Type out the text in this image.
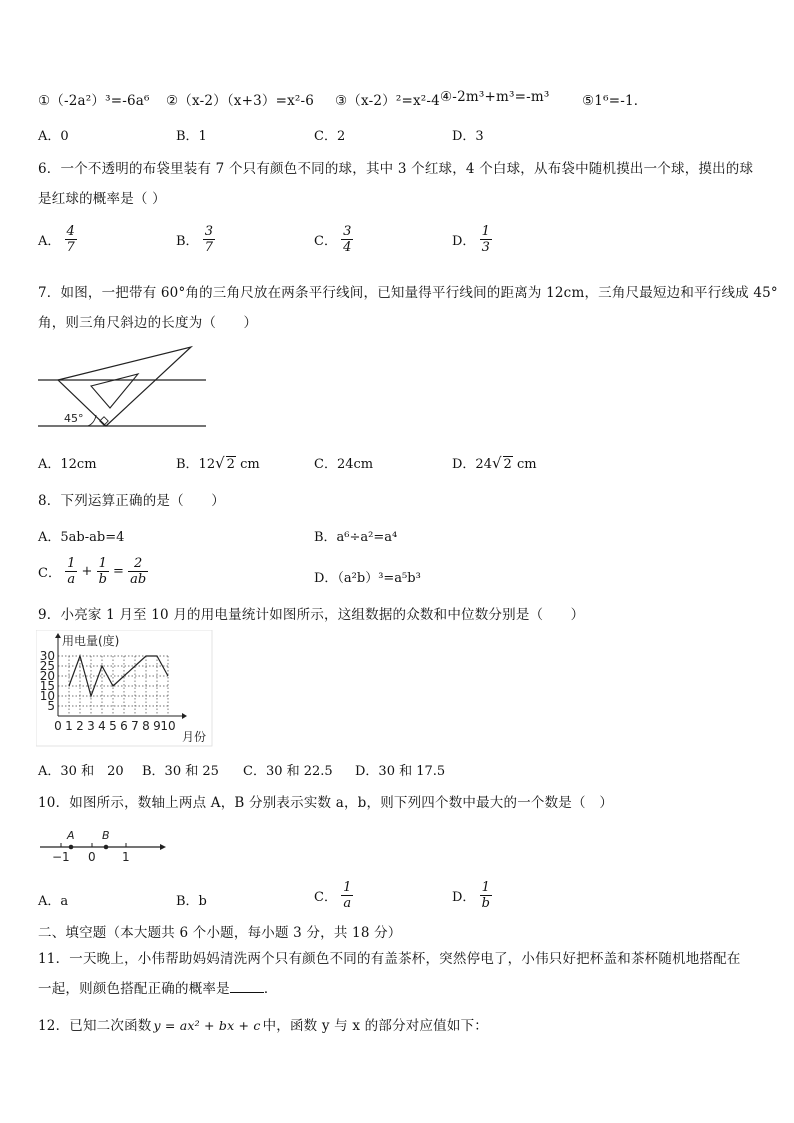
①（-2a²）³=-6a⁶ ②（x-2）（x+3）=x²-6 ③（x-2）²=x²-4 ④-2m³+m³=-m³ ⑤1⁶=-1．
A．0	B．1	C．2	D．3
6．一个不透明的布袋里装有 7 个只有颜色不同的球，其中 3 个红球，4 个白球，从布袋中随机摸出一个球，摸出的球
是红球的概率是（ ）
A． $\frac{4}{7}$	B． $\frac{3}{7}$	C． $\frac{3}{4}$	D． $\frac{1}{3}$
7．如图，一把带有 60°角的三角尺放在两条平行线间，已知量得平行线间的距离为 12cm，三角尺最短边和平行线成 45°
角，则三角尺斜边的长度为（　　）
45°
A．12cm	B．12√ 2 cm	C．24cm	D．24√ 2 cm
8．下列运算正确的是（　　）
A．5ab-ab=4	B．a⁶÷a²=a⁴
C． $\frac{1}{a} + \frac{1}{b} = \frac{2}{ab}$	D．（a²b）³=a⁵b³
9．小亮家 1 月至 10 月的用电量统计如图所示，这组数据的众数和中位数分别是（　　）
5
10
15
20
25
30
0 1 2 3 4 5 6 7 8 9 10
用电量(度)
月份
A．30 和　20 B．30 和 25 C．30 和 22.5 D．30 和 17.5
10．如图所示，数轴上两点 A，B 分别表示实数 a，b，则下列四个数中最大的一个数是（　）
A B
−1 0 1
A．a	B．b	C． $\frac{1}{a}$	D． $\frac{1}{b}$
二、填空题（本大题共 6 个小题，每小题 3 分，共 18 分）
11．一天晚上，小伟帮助妈妈清洗两个只有颜色不同的有盖茶杯，突然停电了，小伟只好把杯盖和茶杯随机地搭配在
一起，则颜色搭配正确的概率是	．
12．已知二次函数 y = ax² + bx + c 中，函数 y 与 x 的部分对应值如下：
